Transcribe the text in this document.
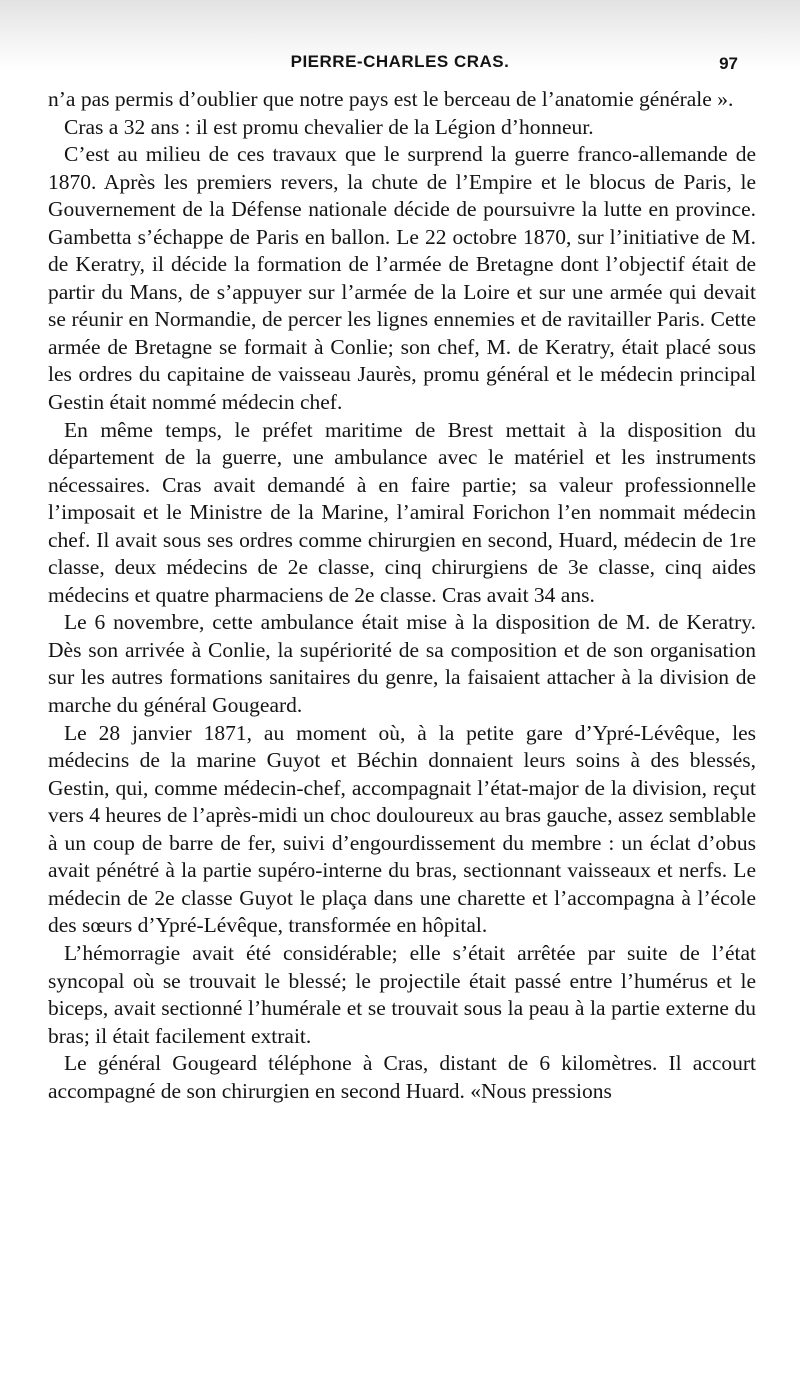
PIERRE-CHARLES CRAS.	97

n’a pas permis d’oublier que notre pays est le berceau de l’anatomie générale ».

Cras a 32 ans : il est promu chevalier de la Légion d’honneur.

C’est au milieu de ces travaux que le surprend la guerre franco-allemande de 1870. Après les premiers revers, la chute de l’Empire et le blocus de Paris, le Gouvernement de la Défense nationale décide de poursuivre la lutte en province. Gambetta s’échappe de Paris en ballon. Le 22 octobre 1870, sur l’initiative de M. de Keratry, il décide la formation de l’armée de Bretagne dont l’objectif était de partir du Mans, de s’appuyer sur l’armée de la Loire et sur une armée qui devait se réunir en Normandie, de percer les lignes ennemies et de ravitailler Paris. Cette armée de Bretagne se formait à Conlie; son chef, M. de Keratry, était placé sous les ordres du capitaine de vaisseau Jaurès, promu général et le médecin principal Gestin était nommé médecin chef.

En même temps, le préfet maritime de Brest mettait à la disposition du département de la guerre, une ambulance avec le matériel et les instruments nécessaires. Cras avait demandé à en faire partie; sa valeur professionnelle l’imposait et le Ministre de la Marine, l’amiral Forichon l’en nommait médecin chef. Il avait sous ses ordres comme chirurgien en second, Huard, médecin de 1re classe, deux médecins de 2e classe, cinq chirurgiens de 3e classe, cinq aides médecins et quatre pharmaciens de 2e classe. Cras avait 34 ans.

Le 6 novembre, cette ambulance était mise à la disposition de M. de Keratry. Dès son arrivée à Conlie, la supériorité de sa composition et de son organisation sur les autres formations sanitaires du genre, la faisaient attacher à la division de marche du général Gougeard.

Le 28 janvier 1871, au moment où, à la petite gare d’Ypré-Lévêque, les médecins de la marine Guyot et Béchin donnaient leurs soins à des blessés, Gestin, qui, comme médecin-chef, accompagnait l’état-major de la division, reçut vers 4 heures de l’après-midi un choc douloureux au bras gauche, assez semblable à un coup de barre de fer, suivi d’engourdissement du membre : un éclat d’obus avait pénétré à la partie supéro-interne du bras, sectionnant vaisseaux et nerfs. Le médecin de 2e classe Guyot le plaça dans une charette et l’accompagna à l’école des sœurs d’Ypré-Lévêque, transformée en hôpital.

L’hémorragie avait été considérable; elle s’était arrêtée par suite de l’état syncopal où se trouvait le blessé; le projectile était passé entre l’humérus et le biceps, avait sectionné l’humérale et se trouvait sous la peau à la partie externe du bras; il était facilement extrait.

Le général Gougeard téléphone à Cras, distant de 6 kilomètres. Il accourt accompagné de son chirurgien en second Huard. «Nous pressions
